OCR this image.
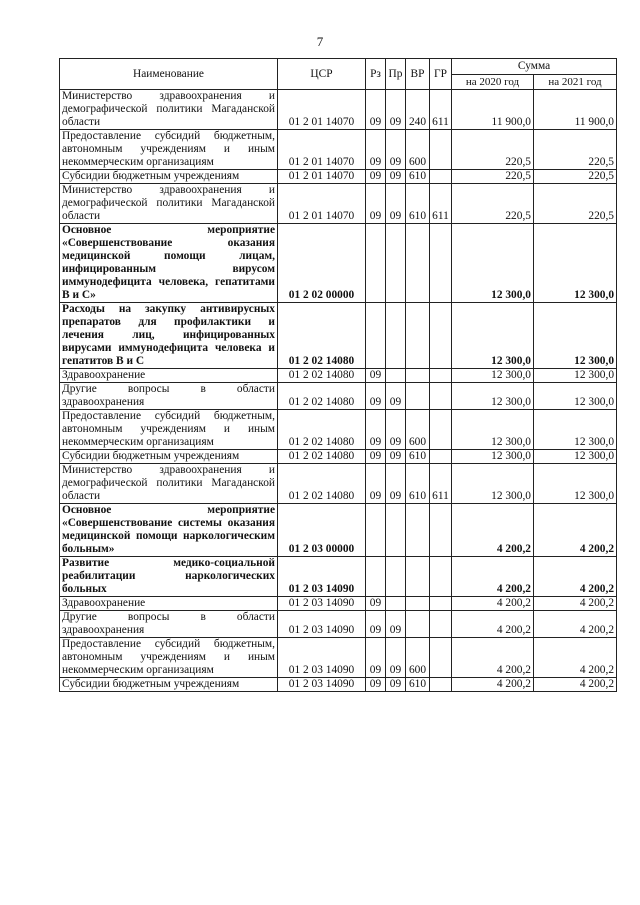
7
Наименование	ЦСР	Рз	Пр	ВР	ГР	Сумма	
						на 2020 год	на 2021 год
Министерство здравоохранения и демографической политики Магаданской области	01 2 01 14070	09	09	240	611	11 900,0	11 900,0
Предоставление субсидий бюджетным, автономным учреждениям и иным некоммерческим организациям	01 2 01 14070	09	09	600		220,5	220,5
Субсидии бюджетным учреждениям	01 2 01 14070	09	09	610		220,5	220,5
Министерство здравоохранения и демографической политики Магаданской области	01 2 01 14070	09	09	610	611	220,5	220,5
Основное мероприятие «Совершенствование оказания медицинской помощи лицам, инфицированным вирусом иммунодефицита человека, гепатитами В и С»	01 2 02 00000					12 300,0	12 300,0
Расходы на закупку антивирусных препаратов для профилактики и лечения лиц, инфицированных вирусами иммунодефицита человека и гепатитов В и С	01 2 02 14080					12 300,0	12 300,0
Здравоохранение	01 2 02 14080	09				12 300,0	12 300,0
Другие вопросы в области здравоохранения	01 2 02 14080	09	09			12 300,0	12 300,0
Предоставление субсидий бюджетным, автономным учреждениям и иным некоммерческим организациям	01 2 02 14080	09	09	600		12 300,0	12 300,0
Субсидии бюджетным учреждениям	01 2 02 14080	09	09	610		12 300,0	12 300,0
Министерство здравоохранения и демографической политики Магаданской области	01 2 02 14080	09	09	610	611	12 300,0	12 300,0
Основное мероприятие «Совершенствование системы оказания медицинской помощи наркологическим больным»	01 2 03 00000					4 200,2	4 200,2
Развитие медико-социальной реабилитации наркологических больных	01 2 03 14090					4 200,2	4 200,2
Здравоохранение	01 2 03 14090	09				4 200,2	4 200,2
Другие вопросы в области здравоохранения	01 2 03 14090	09	09			4 200,2	4 200,2
Предоставление субсидий бюджетным, автономным учреждениям и иным некоммерческим организациям	01 2 03 14090	09	09	600		4 200,2	4 200,2
Субсидии бюджетным учреждениям	01 2 03 14090	09	09	610		4 200,2	4 200,2
